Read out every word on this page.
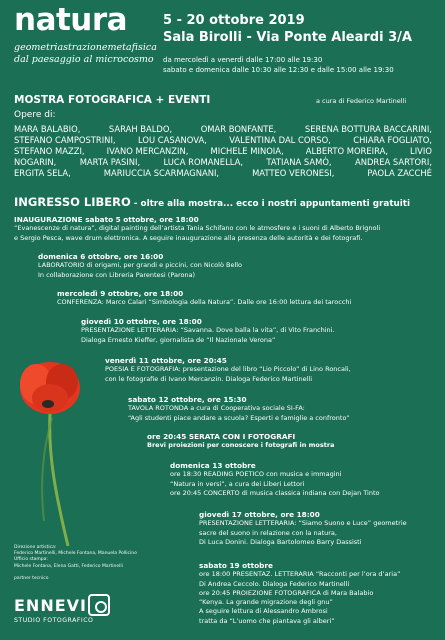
natura
geometriastrazionemetafisica dal paesaggio al microcosmo
5 - 20 ottobre 2019
Sala Birolli - Via Ponte Aleardi 3/A
da mercoledì a venerdì dalle 17:00 alle 19:30
sabato e domenica dalle 10:30 alle 12:30 e dalle 15:00 alle 19:30
MOSTRA FOTOGRAFICA + EVENTI	a cura di Federico Martinelli
Opere di:
MARA BALABIO,	SARAH BALDO,	OMAR BONFANTE,	SERENA BOTTURA BACCARINI,
STEFANO CAMPOSTRINI,	LOU CASANOVA,	VALENTINA DAL CORSO,	CHIARA FOGLIATO,
STEFANO MAZZI,	IVANO MERCANZIN,	MICHELE MINOIA,	ALBERTO MOREIRA,	LIVIO
NOGARIN,	MARTA PASINI,	LUCA ROMANELLA,	TATIANA SAMÒ,	ANDREA SARTORI,
ERGITA SELA,	MARIUCCIA SCARMAGNANI,	MATTEO VERONESI,	PAOLA ZACCHÉ
INGRESSO LIBERO - oltre alla mostra... ecco i nostri appuntamenti gratuiti
INAUGURAZIONE sabato 5 ottobre, ore 18:00
“Evanescenze di natura”, digital painting dell’artista Tania Schifano con le atmosfere e i suoni di Alberto Brignoli
e Sergio Pesca, wave drum elettronica. A seguire inaugurazione alla presenza delle autorità e dei fotografi.
domenica 6 ottobre, ore 16:00
LABORATORIO di origami, per grandi e piccini, con Nicolò Bello
In collaborazione con Libreria Parentesi (Parona)
mercoledì 9 ottobre, ore 18:00
CONFERENZA: Marco Calari “Simbologia della Natura”. Dalle ore 16:00 lettura dei tarocchi
giovedì 10 ottobre, ore 18:00
PRESENTAZIONE LETTERARIA: “Savanna. Dove balla la vita”, di Vito Franchini.
Dialoga Ernesto Kieffer, giornalista de “Il Nazionale Verona”
venerdì 11 ottobre, ore 20:45
POESIA E FOTOGRAFIA: presentazione del libro “Lio Piccolo” di Lino Roncali,
con le fotografie di Ivano Mercanzin. Dialoga Federico Martinelli
sabato 12 ottobre, ore 15:30
TAVOLA ROTONDA a cura di Cooperativa sociale SI-FA:
“Agli studenti piace andare a scuola? Esperti e famiglie a confronto”
ore 20:45 SERATA CON I FOTOGRAFI
Brevi proiezioni per conoscere i fotografi in mostra
domenica 13 ottobre
ore 18:30 READING POETICO con musica e immagini
“Natura in versi”, a cura dei Liberi Lettori
ore 20:45 CONCERTO di musica classica indiana con Dejan Tinto
giovedì 17 ottobre, ore 18:00
PRESENTAZIONE LETTERARIA: “Siamo Suono e Luce” geometrie
sacre del suono in relazione con la natura,
Di Luca Donini. Dialoga Bartolomeo Barry Dassisti
sabato 19 ottobre
ore 18:00 PRESENTAZ. LETTERARIA “Racconti per l’ora d’aria”
Di Andrea Ceccolo. Dialoga Federico Martinelli
ore 20:45 PROIEZIONE FOTOGRAFICA di Mara Balabio
“Kenya. La grande migrazione degli gnu”
A seguire lettura di Alessandro Ambrosi
tratta da “L’uomo che piantava gli alberi”
Direzione artistica:
Federico Martinelli, Michele Fontana, Manuela Pollicino
Ufficio stampa:
Michele Fontana, Elena Gatti, Federico Martinelli
partner tecnico
ENNEVI
STUDIO FOTOGRAFICO
